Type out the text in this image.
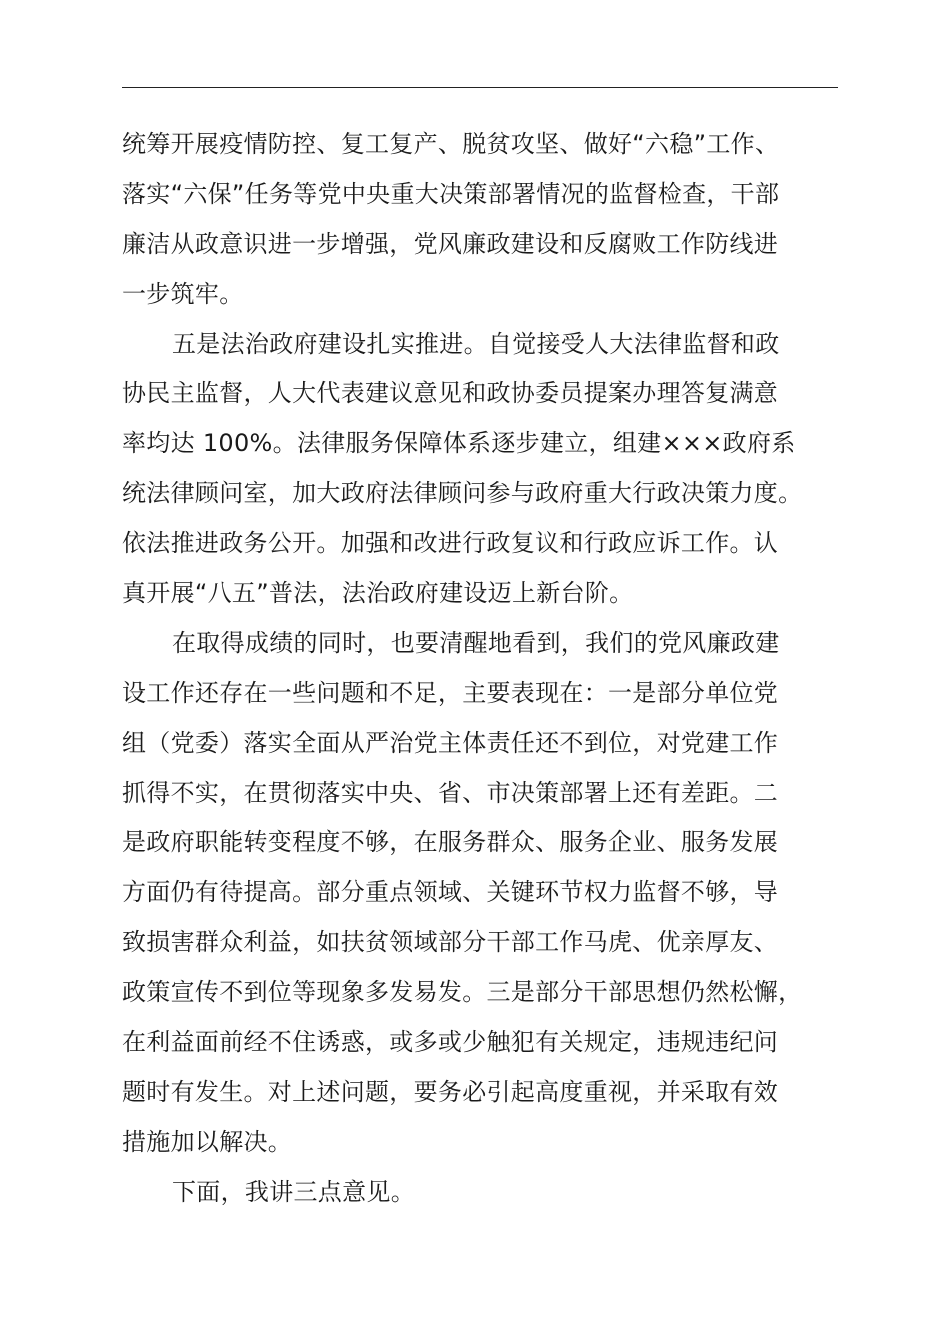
统筹开展疫情防控、复工复产、脱贫攻坚、做好“六稳”工作、
落实“六保”任务等党中央重大决策部署情况的监督检查，干部
廉洁从政意识进一步增强，党风廉政建设和反腐败工作防线进
一步筑牢。
五是法治政府建设扎实推进。自觉接受人大法律监督和政
协民主监督，人大代表建议意见和政协委员提案办理答复满意
率均达 100%。法律服务保障体系逐步建立，组建×××政府系
统法律顾问室，加大政府法律顾问参与政府重大行政决策力度。
依法推进政务公开。加强和改进行政复议和行政应诉工作。认
真开展“八五”普法，法治政府建设迈上新台阶。
在取得成绩的同时，也要清醒地看到，我们的党风廉政建
设工作还存在一些问题和不足，主要表现在：一是部分单位党
组（党委）落实全面从严治党主体责任还不到位，对党建工作
抓得不实，在贯彻落实中央、省、市决策部署上还有差距。二
是政府职能转变程度不够，在服务群众、服务企业、服务发展
方面仍有待提高。部分重点领域、关键环节权力监督不够，导
致损害群众利益，如扶贫领域部分干部工作马虎、优亲厚友、
政策宣传不到位等现象多发易发。三是部分干部思想仍然松懈，
在利益面前经不住诱惑，或多或少触犯有关规定，违规违纪问
题时有发生。对上述问题，要务必引起高度重视，并采取有效
措施加以解决。
下面，我讲三点意见。
